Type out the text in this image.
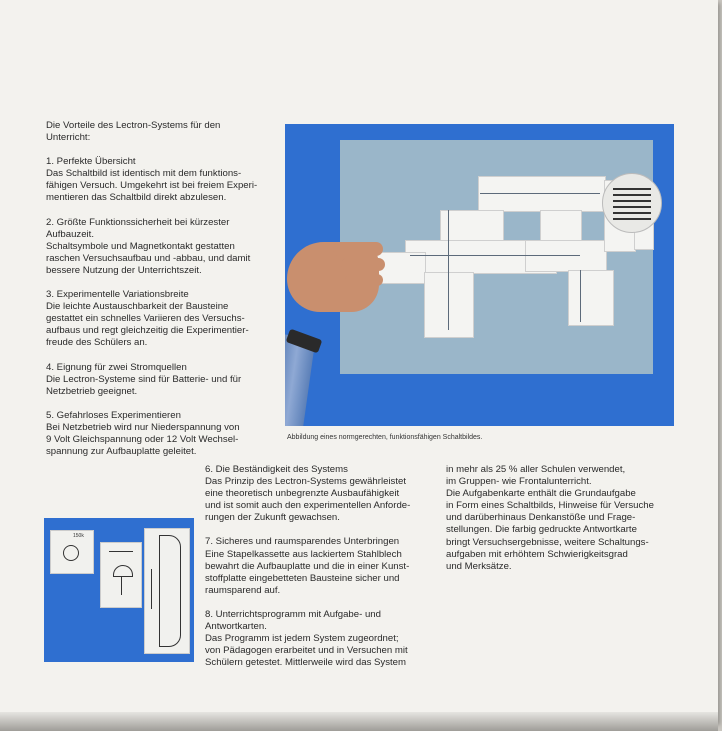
Die Vorteile des Lectron-Systems für den
Unterricht:

1. Perfekte Übersicht

Das Schaltbild ist identisch mit dem funktions-
fähigen Versuch. Umgekehrt ist bei freiem Experi-
mentieren das Schaltbild direkt abzulesen.

2. Größte Funktionssicherheit bei kürzester
Aufbauzeit.

Schaltsymbole und Magnetkontakt gestatten
raschen Versuchsaufbau und -abbau, und damit
bessere Nutzung der Unterrichtszeit.

3. Experimentelle Variationsbreite

Die leichte Austauschbarkeit der Bausteine
gestattet ein schnelles Variieren des Versuchs-
aufbaus und regt gleichzeitig die Experimentier-
freude des Schülers an.

4. Eignung für zwei Stromquellen

Die Lectron-Systeme sind für Batterie- und für
Netzbetrieb geeignet.

5. Gefahrloses Experimentieren

Bei Netzbetrieb wird nur Niederspannung von
9 Volt Gleichspannung oder 12 Volt Wechsel-
spannung zur Aufbauplatte geleitet.

Abbildung eines normgerechten, funktionsfähigen Schaltbildes.
150k

6. Die Beständigkeit des Systems

Das Prinzip des Lectron-Systems gewährleistet
eine theoretisch unbegrenzte Ausbaufähigkeit
und ist somit auch den experimentellen Anforde-
rungen der Zukunft gewachsen.

7. Sicheres und raumsparendes Unterbringen

Eine Stapelkassette aus lackiertem Stahlblech
bewahrt die Aufbauplatte und die in einer Kunst-
stoffplatte eingebetteten Bausteine sicher und
raumsparend auf.

8. Unterrichtsprogramm mit Aufgabe- und
Antwortkarten.

Das Programm ist jedem System zugeordnet;
von Pädagogen erarbeitet und in Versuchen mit
Schülern getestet. Mittlerweile wird das System

in mehr als 25 % aller Schulen verwendet,
im Gruppen- wie Frontalunterricht.
Die Aufgabenkarte enthält die Grundaufgabe
in Form eines Schaltbilds, Hinweise für Versuche
und darüberhinaus Denkanstöße und Frage-
stellungen. Die farbig gedruckte Antwortkarte
bringt Versuchsergebnisse, weitere Schaltungs-
aufgaben mit erhöhtem Schwierigkeitsgrad
und Merksätze.
